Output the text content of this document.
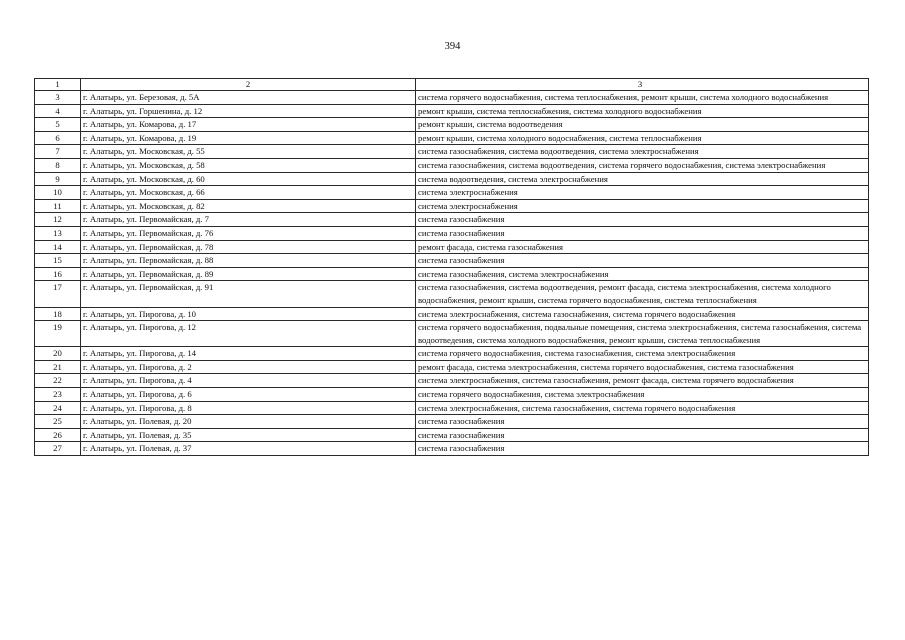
394
1	2	3
3	г. Алатырь, ул. Березовая, д. 5А	система горячего водоснабжения, система теплоснабжения, ремонт крыши, система холодного водоснабжения
4	г. Алатырь, ул. Горшенина, д. 12	ремонт крыши, система теплоснабжения, система холодного водоснабжения
5	г. Алатырь, ул. Комарова, д. 17	ремонт крыши, система водоотведения
6	г. Алатырь, ул. Комарова, д. 19	ремонт крыши, система холодного водоснабжения, система теплоснабжения
7	г. Алатырь, ул. Московская, д. 55	система газоснабжения, система водоотведения, система электроснабжения
8	г. Алатырь, ул. Московская, д. 58	система газоснабжения, система водоотведения, система горячего водоснабжения, система электроснабжения
9	г. Алатырь, ул. Московская, д. 60	система водоотведения, система электроснабжения
10	г. Алатырь, ул. Московская, д. 66	система электроснабжения
11	г. Алатырь, ул. Московская, д. 82	система электроснабжения
12	г. Алатырь, ул. Первомайская, д. 7	система газоснабжения
13	г. Алатырь, ул. Первомайская, д. 76	система газоснабжения
14	г. Алатырь, ул. Первомайская, д. 78	ремонт фасада, система газоснабжения
15	г. Алатырь, ул. Первомайская, д. 88	система газоснабжения
16	г. Алатырь, ул. Первомайская, д. 89	система газоснабжения, система электроснабжения
17	г. Алатырь, ул. Первомайская, д. 91	система газоснабжения, система водоотведения, ремонт фасада, система электроснабжения, система холодного водоснабжения, ремонт крыши, система горячего водоснабжения, система теплоснабжения
18	г. Алатырь, ул. Пирогова, д. 10	система электроснабжения, система газоснабжения, система горячего водоснабжения
19	г. Алатырь, ул. Пирогова, д. 12	система горячего водоснабжения, подвальные помещения, система электроснабжения, система газоснабжения, система водоотведения, система холодного водоснабжения, ремонт крыши, система теплоснабжения
20	г. Алатырь, ул. Пирогова, д. 14	система горячего водоснабжения, система газоснабжения, система электроснабжения
21	г. Алатырь, ул. Пирогова, д. 2	ремонт фасада, система электроснабжения, система горячего водоснабжения, система газоснабжения
22	г. Алатырь, ул. Пирогова, д. 4	система электроснабжения, система газоснабжения, ремонт фасада, система горячего водоснабжения
23	г. Алатырь, ул. Пирогова, д. 6	система горячего водоснабжения, система электроснабжения
24	г. Алатырь, ул. Пирогова, д. 8	система электроснабжения, система газоснабжения, система горячего водоснабжения
25	г. Алатырь, ул. Полевая, д. 20	система газоснабжения
26	г. Алатырь, ул. Полевая, д. 35	система газоснабжения
27	г. Алатырь, ул. Полевая, д. 37	система газоснабжения
